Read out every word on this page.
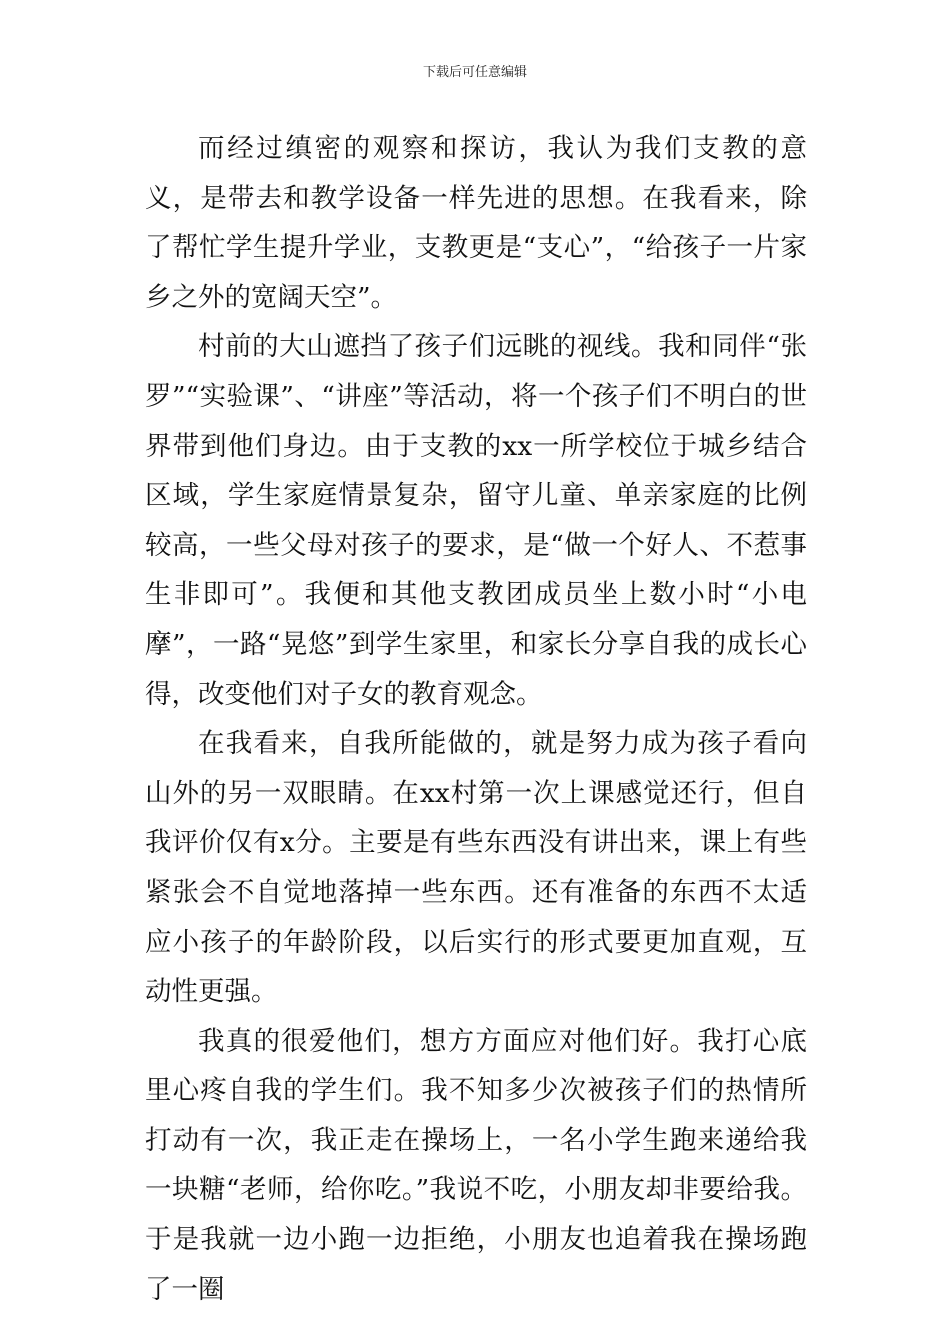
下载后可任意编辑

而经过缜密的观察和探访，我认为我们支教的意义，是带去和教学设备一样先进的思想。在我看来，除了帮忙学生提升学业，支教更是“支心”，“给孩子一片家乡之外的宽阔天空”。

村前的大山遮挡了孩子们远眺的视线。我和同伴“张罗”“实验课”、“讲座”等活动，将一个孩子们不明白的世界带到他们身边。由于支教的xx一所学校位于城乡结合区域，学生家庭情景复杂，留守儿童、单亲家庭的比例较高，一些父母对孩子的要求，是“做一个好人、不惹事生非即可”。我便和其他支教团成员坐上数小时“小电摩”，一路“晃悠”到学生家里，和家长分享自我的成长心得，改变他们对子女的教育观念。

在我看来，自我所能做的，就是努力成为孩子看向山外的另一双眼睛。在xx村第一次上课感觉还行，但自我评价仅有x分。主要是有些东西没有讲出来，课上有些紧张会不自觉地落掉一些东西。还有准备的东西不太适应小孩子的年龄阶段，以后实行的形式要更加直观，互动性更强。

我真的很爱他们，想方方面应对他们好。我打心底里心疼自我的学生们。我不知多少次被孩子们的热情所打动有一次，我正走在操场上，一名小学生跑来递给我一块糖“老师，给你吃。”我说不吃，小朋友却非要给我。于是我就一边小跑一边拒绝，小朋友也追着我在操场跑了一圈
